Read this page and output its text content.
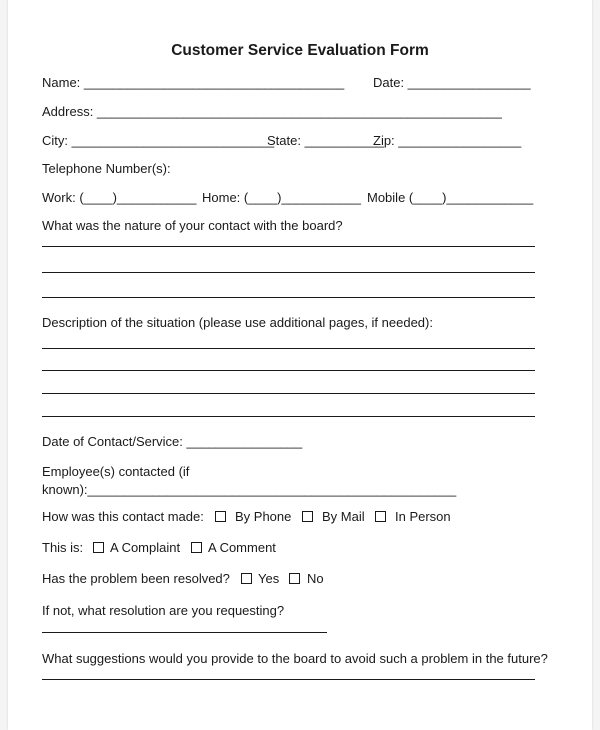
Customer Service Evaluation Form
Name: ____________________________________ Date: _________________
Address: ________________________________________________________
City: ____________________________
State: ___________
Zip: _________________
Telephone Number(s):
Work: (____)___________ Home: (____)___________ Mobile (____)____________
What was the nature of your contact with the board?
Description of the situation (please use additional pages, if needed):
Date of Contact/Service: ________________
Employee(s) contacted (if
known):___________________________________________________
How was this contact made: By Phone By Mail In Person
This is: A Complaint A Comment
Has the problem been resolved? Yes No
If not, what resolution are you requesting?
What suggestions would you provide to the board to avoid such a problem in the future?
